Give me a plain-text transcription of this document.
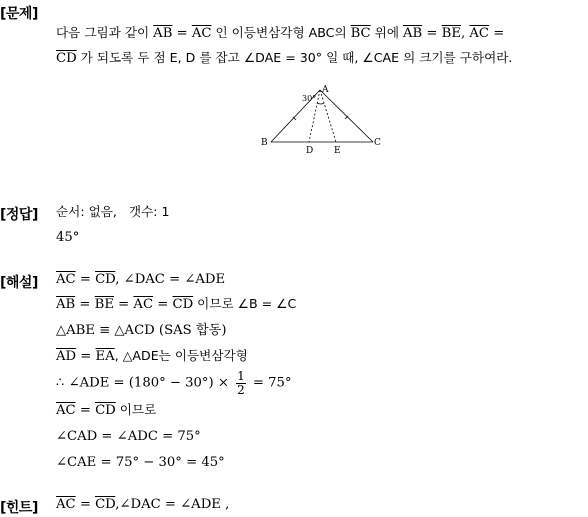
[문제]
[정답]
[해설]
[힌트]
다음 그림과 같이 $\overline{AB} = \overline{AC}$ 인 이등변삼각형 ABC의 $\overline{BC}$ 위에 $\overline{AB} = \overline{BE}$, $\overline{AC}$ =
$\overline{CD}$ 가 되도록 두 점 E, D 를 잡고 ∠DAE = 30° 일 때, ∠CAE 의 크기를 구하여라.
A
B	C
D E
30°
순서: 없음,   갯수: 1
45°
$\overline{AC} = \overline{CD}$, ∠DAC = ∠ADE
$\overline{AB} = \overline{BE} = \overline{AC} = \overline{CD}$ 이므로 ∠B = ∠C
△ABE ≡ △ACD (SAS 합동)
$\overline{AD} = \overline{EA}$, △ADE는 이등변삼각형
∴ ∠ADE = $(180^\circ - 30^\circ) \times \frac{1}{2} = 75^\circ$
$\overline{AC} = \overline{CD}$ 이므로
∠CAD = ∠ADC = 75°
∠CAE = 75° − 30° = 45°
$\overline{AC}$ = $\overline{CD},\angle DAC$ = ∠ADE ,
